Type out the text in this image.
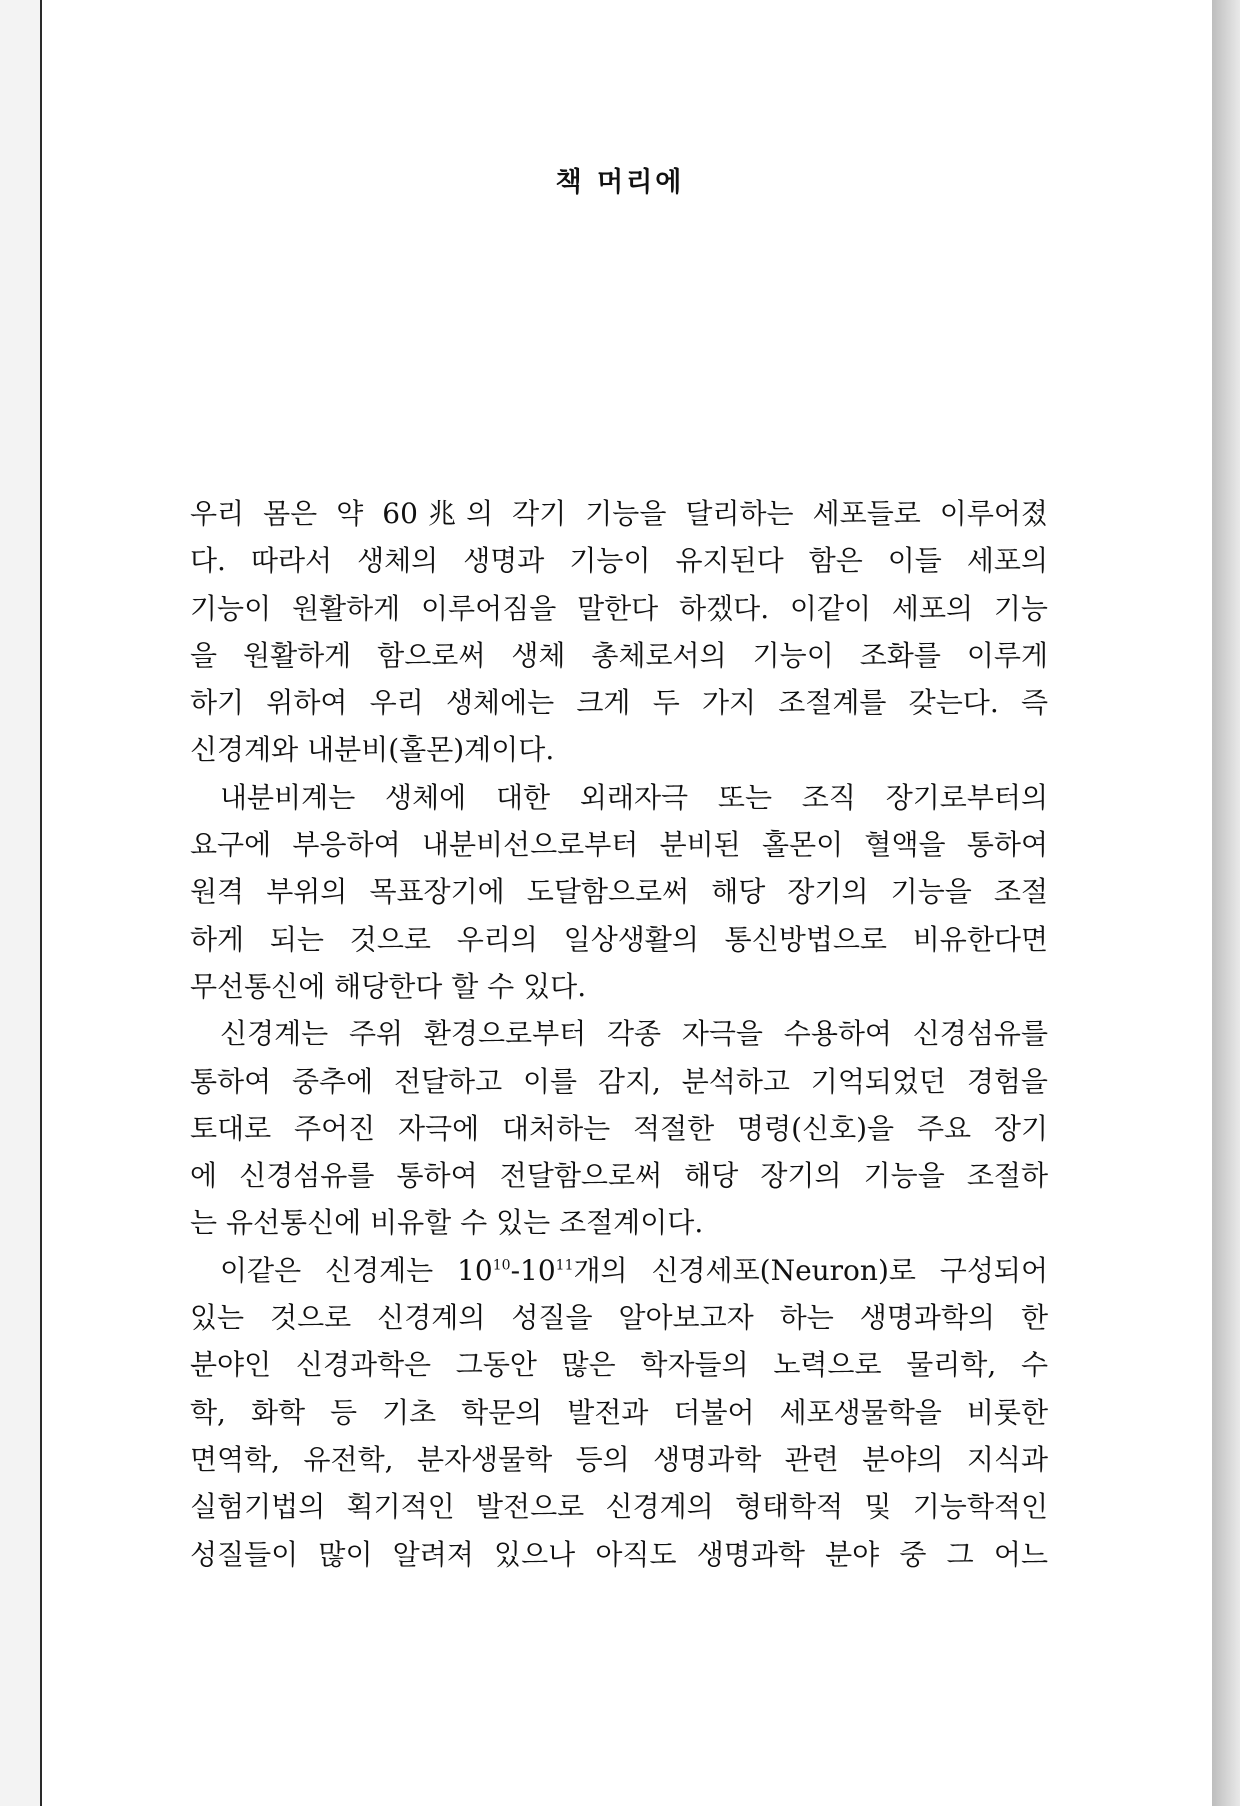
책 머리에
우리 몸은 약 60兆의 각기 기능을 달리하는 세포들로 이루어졌
다. 따라서 생체의 생명과 기능이 유지된다 함은 이들 세포의
기능이 원활하게 이루어짐을 말한다 하겠다. 이같이 세포의 기능
을 원활하게 함으로써 생체 총체로서의 기능이 조화를 이루게
하기 위하여 우리 생체에는 크게 두 가지 조절계를 갖는다. 즉
신경계와 내분비(홀몬)계이다.
내분비계는 생체에 대한 외래자극 또는 조직 장기로부터의
요구에 부응하여 내분비선으로부터 분비된 홀몬이 혈액을 통하여
원격 부위의 목표장기에 도달함으로써 해당 장기의 기능을 조절
하게 되는 것으로 우리의 일상생활의 통신방법으로 비유한다면
무선통신에 해당한다 할 수 있다.
신경계는 주위 환경으로부터 각종 자극을 수용하여 신경섬유를
통하여 중추에 전달하고 이를 감지, 분석하고 기억되었던 경험을
토대로 주어진 자극에 대처하는 적절한 명령(신호)을 주요 장기
에 신경섬유를 통하여 전달함으로써 해당 장기의 기능을 조절하
는 유선통신에 비유할 수 있는 조절계이다.
이같은 신경계는 $10^{10}-10^{11}$개의 신경세포(Neuron)로 구성되어
있는 것으로 신경계의 성질을 알아보고자 하는 생명과학의 한
분야인 신경과학은 그동안 많은 학자들의 노력으로 물리학, 수
학, 화학 등 기초 학문의 발전과 더불어 세포생물학을 비롯한
면역학, 유전학, 분자생물학 등의 생명과학 관련 분야의 지식과
실험기법의 획기적인 발전으로 신경계의 형태학적 및 기능학적인
성질들이 많이 알려져 있으나 아직도 생명과학 분야 중 그 어느
